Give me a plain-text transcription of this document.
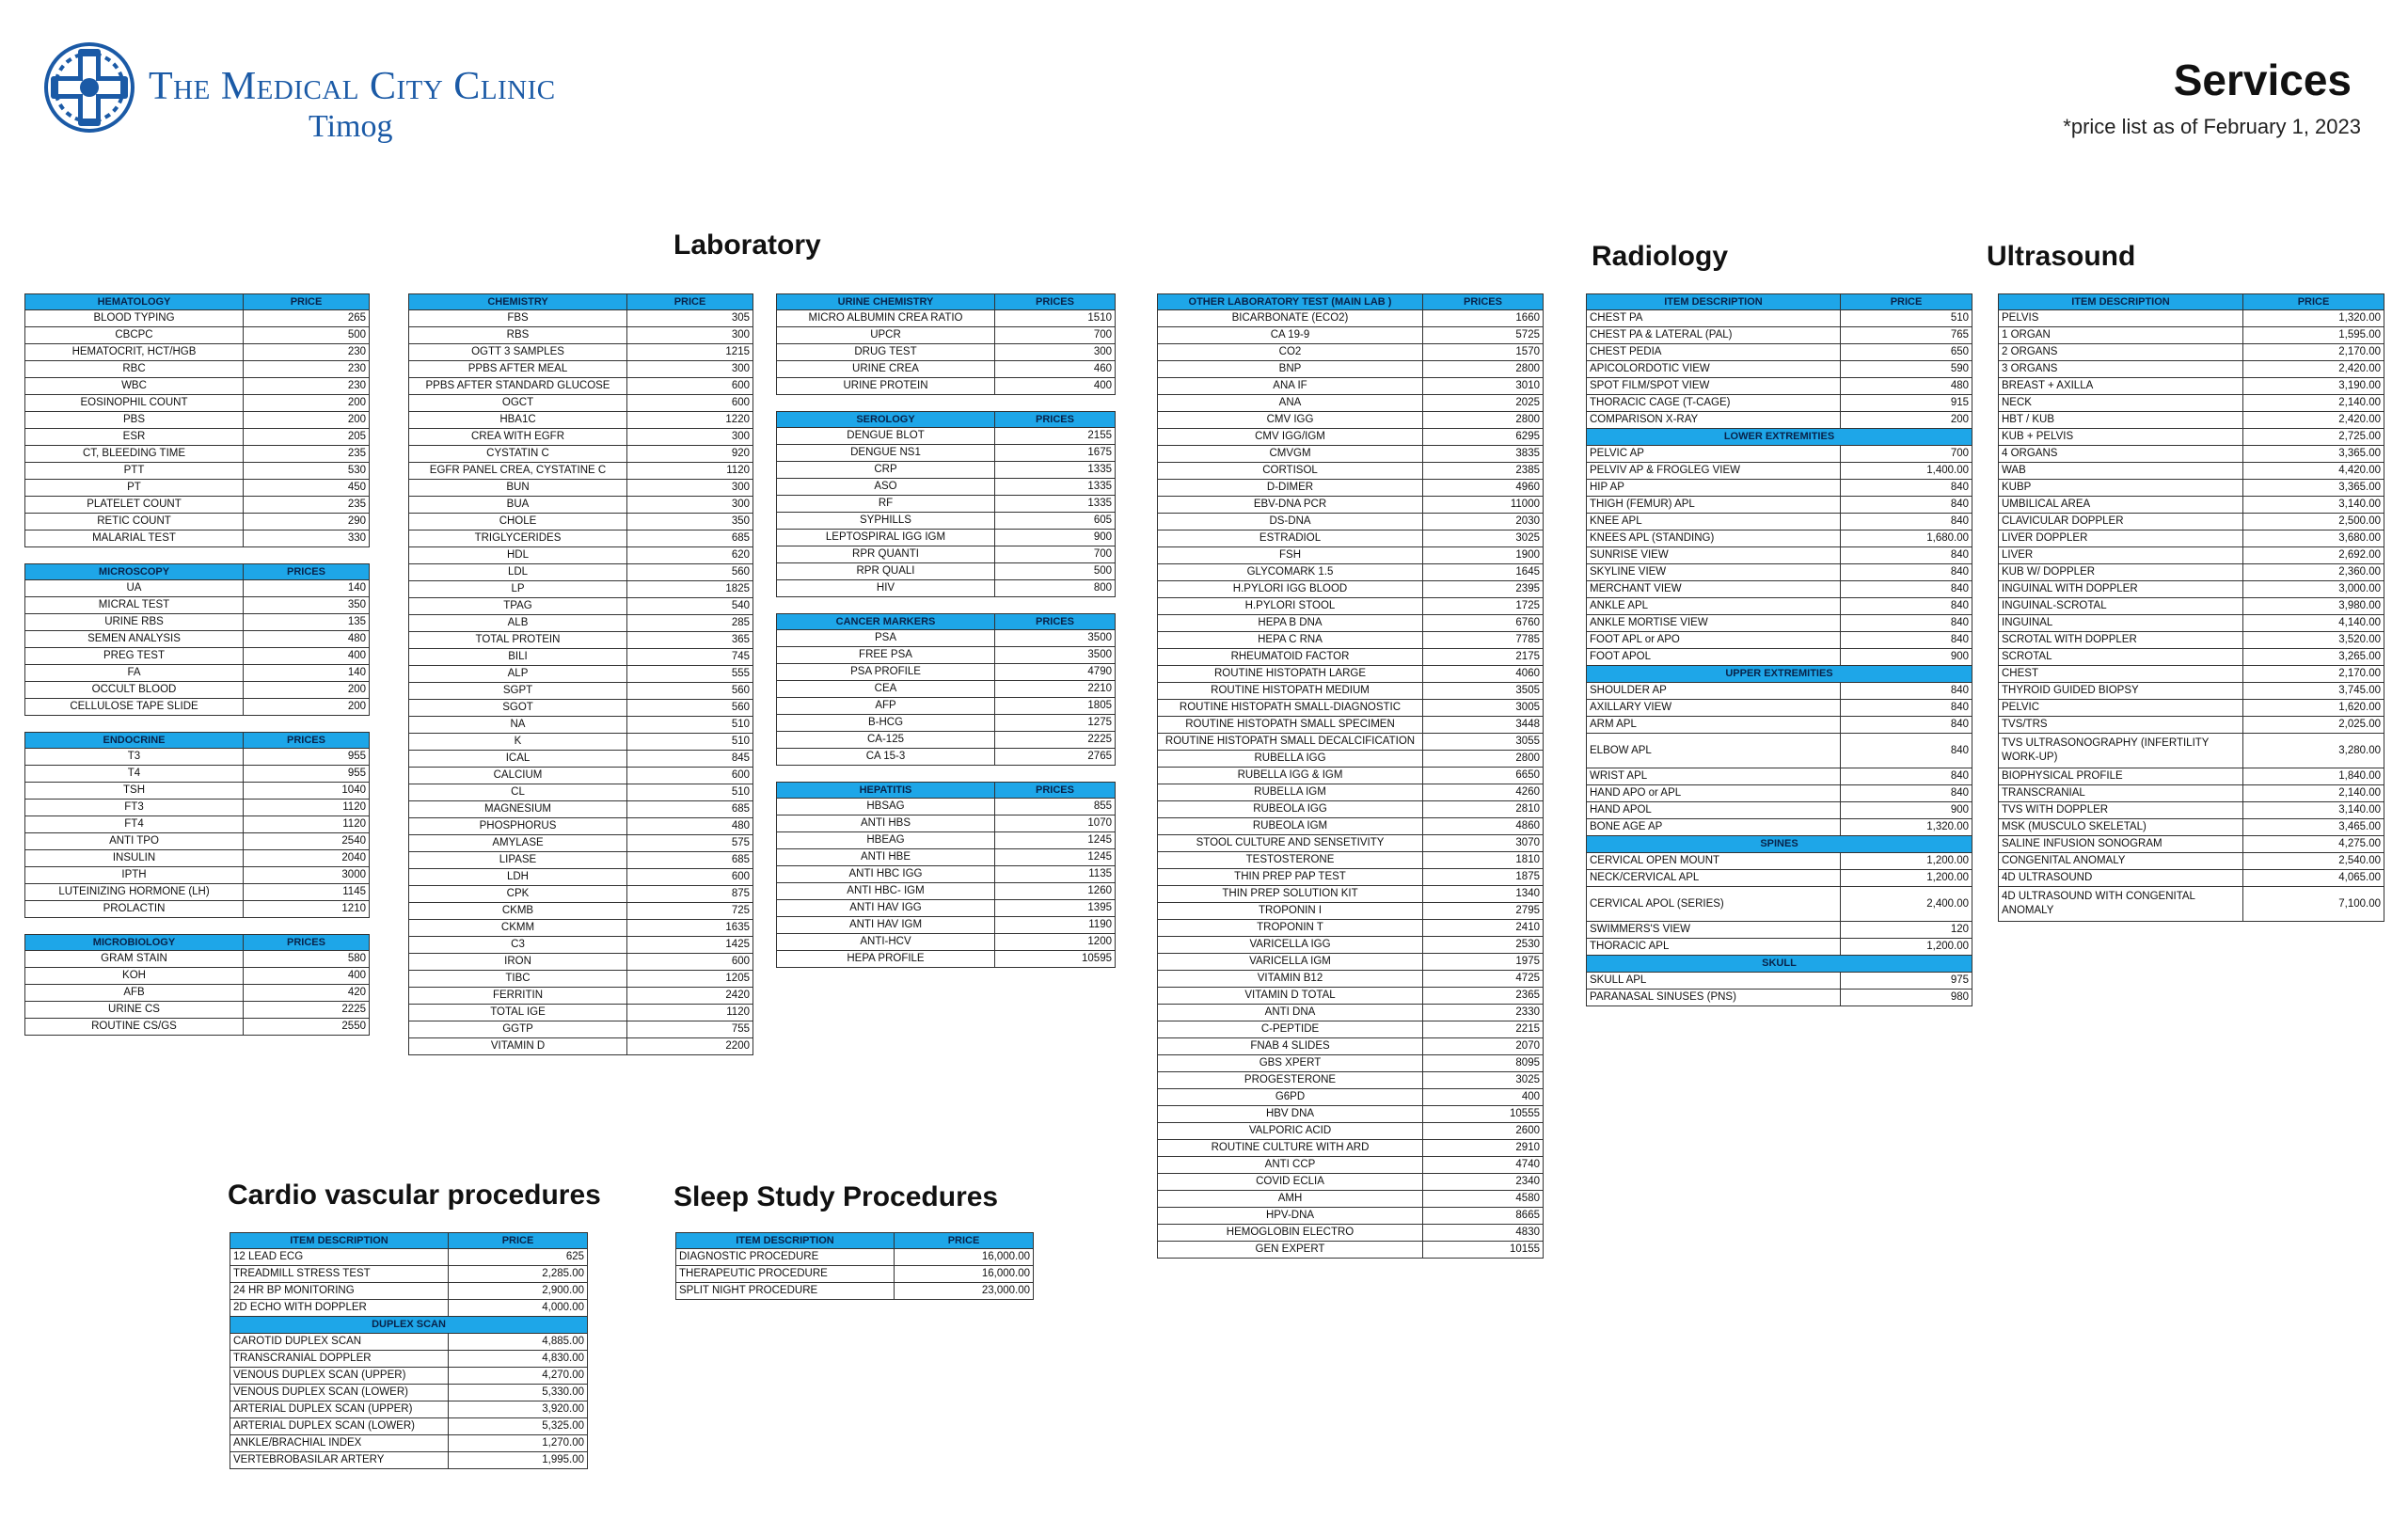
The Medical City Clinic
Timog
Services
*price list as of February 1, 2023
Laboratory	Radiology	Ultrasound
Cardio vascular procedures	Sleep Study Procedures
HEMATOLOGY	PRICE
BLOOD TYPING	265
CBCPC	500
HEMATOCRIT, HCT/HGB	230
RBC	230
WBC	230
EOSINOPHIL COUNT	200
PBS	200
ESR	205
CT, BLEEDING TIME	235
PTT	530
PT	450
PLATELET COUNT	235
RETIC COUNT	290
MALARIAL TEST	330

MICROSCOPY	PRICES
UA	140
MICRAL TEST	350
URINE RBS	135
SEMEN ANALYSIS	480
PREG TEST	400
FA	140
OCCULT BLOOD	200
CELLULOSE TAPE SLIDE	200

ENDOCRINE	PRICES
T3	955
T4	955
TSH	1040
FT3	1120
FT4	1120
ANTI TPO	2540
INSULIN	2040
IPTH	3000
LUTEINIZING HORMONE (LH)	1145
PROLACTIN	1210

MICROBIOLOGY	PRICES
GRAM STAIN	580
KOH	400
AFB	420
URINE CS	2225
ROUTINE CS/GS	2550
CHEMISTRY	PRICE
FBS	305
RBS	300
OGTT 3 SAMPLES	1215
PPBS AFTER MEAL	300
PPBS AFTER STANDARD GLUCOSE	600
OGCT	600
HBA1C	1220
CREA WITH EGFR	300
CYSTATIN C	920
EGFR PANEL CREA, CYSTATINE C	1120
BUN	300
BUA	300
CHOLE	350
TRIGLYCERIDES	685
HDL	620
LDL	560
LP	1825
TPAG	540
ALB	285
TOTAL PROTEIN	365
BILI	745
ALP	555
SGPT	560
SGOT	560
NA	510
K	510
ICAL	845
CALCIUM	600
CL	510
MAGNESIUM	685
PHOSPHORUS	480
AMYLASE	575
LIPASE	685
LDH	600
CPK	875
CKMB	725
CKMM	1635
C3	1425
IRON	600
TIBC	1205
FERRITIN	2420
TOTAL IGE	1120
GGTP	755
VITAMIN D	2200
URINE CHEMISTRY	PRICES
MICRO ALBUMIN CREA RATIO	1510
UPCR	700
DRUG TEST	300
URINE CREA	460
URINE PROTEIN	400

SEROLOGY	PRICES
DENGUE BLOT	2155
DENGUE NS1	1675
CRP	1335
ASO	1335
RF	1335
SYPHILLS	605
LEPTOSPIRAL IGG IGM	900
RPR QUANTI	700
RPR QUALI	500
HIV	800

CANCER MARKERS	PRICES
PSA	3500
FREE PSA	3500
PSA PROFILE	4790
CEA	2210
AFP	1805
B-HCG	1275
CA-125	2225
CA 15-3	2765

HEPATITIS	PRICES
HBSAG	855
ANTI HBS	1070
HBEAG	1245
ANTI HBE	1245
ANTI HBC IGG	1135
ANTI HBC- IGM	1260
ANTI HAV IGG	1395
ANTI HAV IGM	1190
ANTI-HCV	1200
HEPA PROFILE	10595
OTHER LABORATORY TEST (MAIN LAB )	PRICES
BICARBONATE (ECO2)	1660
CA 19-9	5725
CO2	1570
BNP	2800
ANA IF	3010
ANA	2025
CMV IGG	2800
CMV IGG/IGM	6295
CMVGM	3835
CORTISOL	2385
D-DIMER	4960
EBV-DNA PCR	11000
DS-DNA	2030
ESTRADIOL	3025
FSH	1900
GLYCOMARK 1.5	1645
H.PYLORI IGG BLOOD	2395
H.PYLORI STOOL	1725
HEPA B DNA	6760
HEPA C RNA	7785
RHEUMATOID FACTOR	2175
ROUTINE HISTOPATH LARGE	4060
ROUTINE HISTOPATH MEDIUM	3505
ROUTINE HISTOPATH SMALL-DIAGNOSTIC	3005
ROUTINE HISTOPATH SMALL SPECIMEN	3448
ROUTINE HISTOPATH SMALL DECALCIFICATION	3055
RUBELLA IGG	2800
RUBELLA IGG & IGM	6650
RUBELLA IGM	4260
RUBEOLA IGG	2810
RUBEOLA IGM	4860
STOOL CULTURE AND SENSETIVITY	3070
TESTOSTERONE	1810
THIN PREP PAP TEST	1875
THIN PREP SOLUTION KIT	1340
TROPONIN I	2795
TROPONIN T	2410
VARICELLA IGG	2530
VARICELLA IGM	1975
VITAMIN B12	4725
VITAMIN D TOTAL	2365
ANTI DNA	2330
C-PEPTIDE	2215
FNAB 4 SLIDES	2070
GBS XPERT	8095
PROGESTERONE	3025
G6PD	400
HBV DNA	10555
VALPORIC ACID	2600
ROUTINE CULTURE WITH ARD	2910
ANTI CCP	4740
COVID ECLIA	2340
AMH	4580
HPV-DNA	8665
HEMOGLOBIN ELECTRO	4830
GEN EXPERT	10155
ITEM DESCRIPTION	PRICE
CHEST PA	510
CHEST PA & LATERAL (PAL)	765
CHEST PEDIA	650
APICOLORDOTIC VIEW	590
SPOT FILM/SPOT VIEW	480
THORACIC CAGE (T-CAGE)	915
COMPARISON X-RAY	200
LOWER EXTREMITIES	
PELVIC AP	700
PELVIV AP & FROGLEG VIEW	1,400.00
HIP AP	840
THIGH (FEMUR) APL	840
KNEE APL	840
KNEES APL (STANDING)	1,680.00
SUNRISE VIEW	840
SKYLINE VIEW	840
MERCHANT VIEW	840
ANKLE APL	840
ANKLE MORTISE VIEW	840
FOOT APL or APO	840
FOOT APOL	900
UPPER EXTREMITIES	
SHOULDER AP	840
AXILLARY VIEW	840
ARM APL	840
ELBOW APL	840
WRIST APL	840
HAND APO or APL	840
HAND APOL	900
BONE AGE AP	1,320.00
SPINES	
CERVICAL OPEN MOUNT	1,200.00
NECK/CERVICAL APL	1,200.00
CERVICAL APOL (SERIES)	2,400.00
SWIMMERS'S VIEW	120
THORACIC APL	1,200.00
SKULL	
SKULL APL	975
PARANASAL SINUSES (PNS)	980
ITEM DESCRIPTION	PRICE
PELVIS	1,320.00
1 ORGAN	1,595.00
2 ORGANS	2,170.00
3 ORGANS	2,420.00
BREAST + AXILLA	3,190.00
NECK	2,140.00
HBT / KUB	2,420.00
KUB + PELVIS	2,725.00
4 ORGANS	3,365.00
WAB	4,420.00
KUBP	3,365.00
UMBILICAL AREA	3,140.00
CLAVICULAR DOPPLER	2,500.00
LIVER DOPPLER	3,680.00
LIVER	2,692.00
KUB W/ DOPPLER	2,360.00
INGUINAL WITH DOPPLER	3,000.00
INGUINAL-SCROTAL	3,980.00
INGUINAL	4,140.00
SCROTAL WITH DOPPLER	3,520.00
SCROTAL	3,265.00
CHEST	2,170.00
THYROID GUIDED BIOPSY	3,745.00
PELVIC	1,620.00
TVS/TRS	2,025.00
TVS ULTRASONOGRAPHY (INFERTILITY WORK-UP)	3,280.00
BIOPHYSICAL PROFILE	1,840.00
TRANSCRANIAL	2,140.00
TVS WITH DOPPLER	3,140.00
MSK (MUSCULO SKELETAL)	3,465.00
SALINE INFUSION SONOGRAM	4,275.00
CONGENITAL ANOMALY	2,540.00
4D ULTRASOUND	4,065.00
4D ULTRASOUND WITH CONGENITAL ANOMALY	7,100.00
ITEM DESCRIPTION	PRICE
12 LEAD ECG	625
TREADMILL STRESS TEST	2,285.00
24 HR BP MONITORING	2,900.00
2D ECHO WITH DOPPLER	4,000.00
DUPLEX SCAN	
CAROTID DUPLEX SCAN	4,885.00
TRANSCRANIAL DOPPLER	4,830.00
VENOUS DUPLEX SCAN (UPPER)	4,270.00
VENOUS DUPLEX SCAN (LOWER)	5,330.00
ARTERIAL DUPLEX SCAN (UPPER)	3,920.00
ARTERIAL DUPLEX SCAN (LOWER)	5,325.00
ANKLE/BRACHIAL INDEX	1,270.00
VERTEBROBASILAR ARTERY	1,995.00
ITEM DESCRIPTION	PRICE
DIAGNOSTIC PROCEDURE	16,000.00
THERAPEUTIC PROCEDURE	16,000.00
SPLIT NIGHT PROCEDURE	23,000.00
